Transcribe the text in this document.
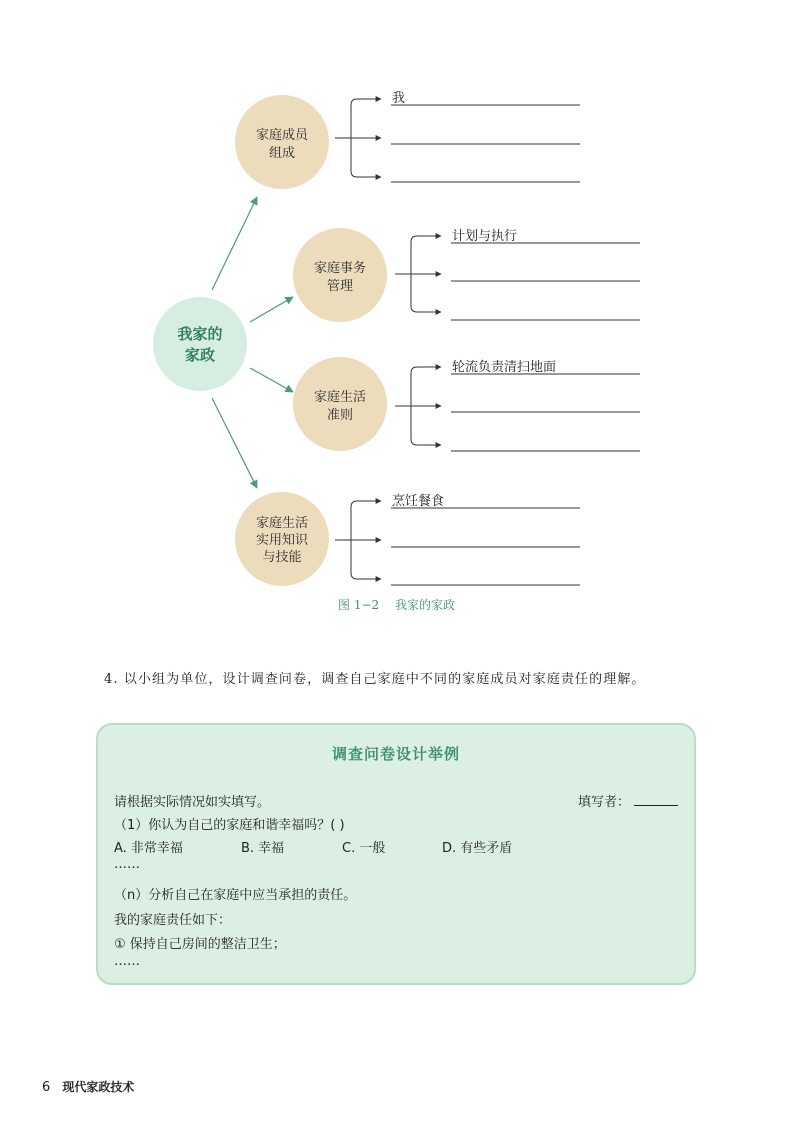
我家的
家政
家庭成员
组成
我
家庭事务
管理
计划与执行
家庭生活
准则
轮流负责清扫地面
家庭生活
实用知识
与技能
烹饪餐食
图 1−2 我家的家政
4. 以小组为单位，设计调查问卷，调查自己家庭中不同的家庭成员对家庭责任的理解。
调查问卷设计举例
请根据实际情况如实填写。	填写者：
（1）你认为自己的家庭和谐幸福吗？( )
A. 非常幸福	B. 幸福	C. 一般	D. 有些矛盾
……
（n）分析自己在家庭中应当承担的责任。
我的家庭责任如下：
① 保持自己房间的整洁卫生；
……
6 现代家政技术
